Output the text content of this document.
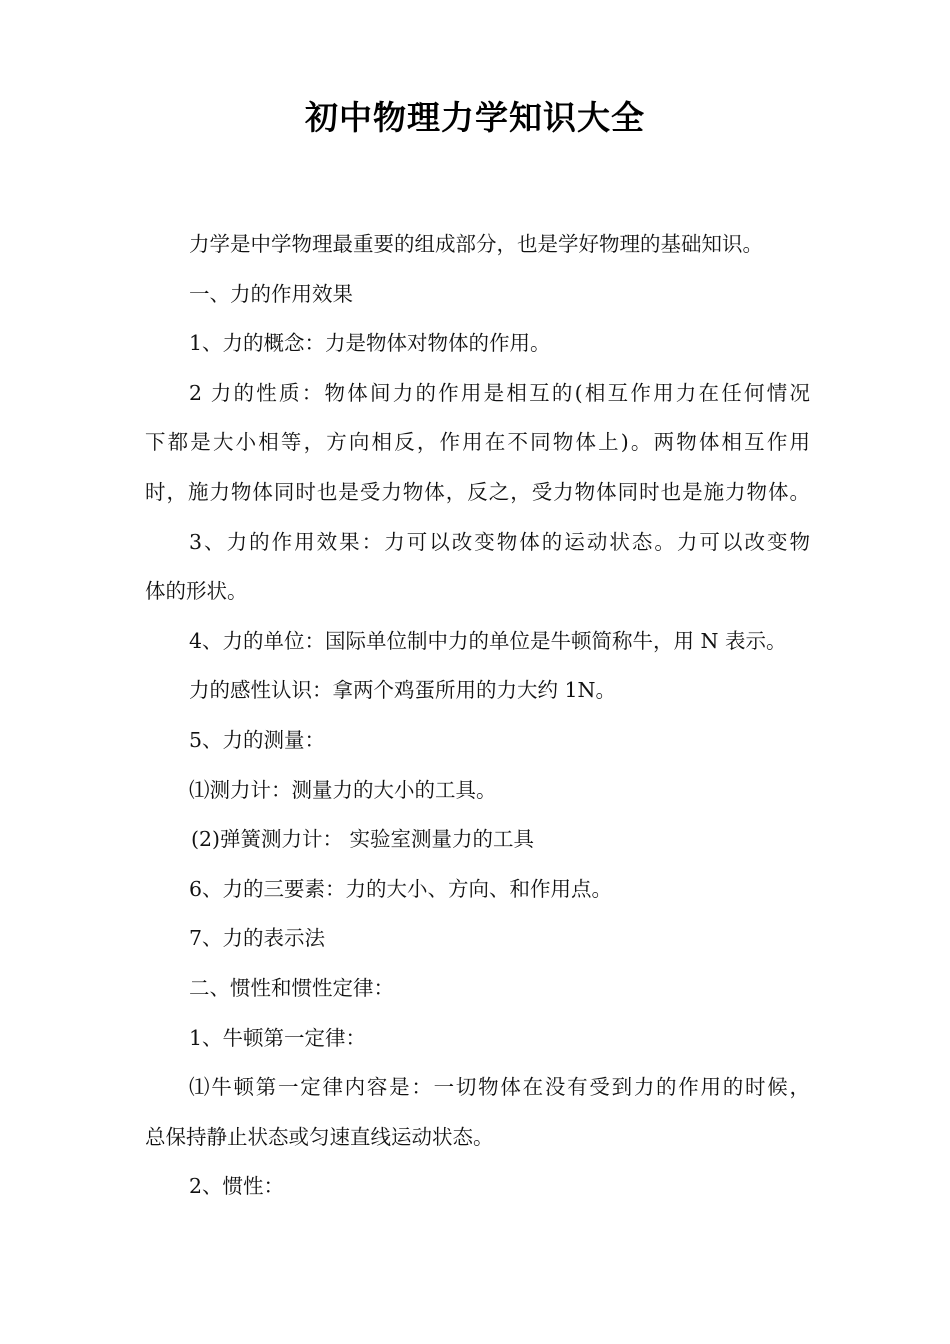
初中物理力学知识大全
力学是中学物理最重要的组成部分，也是学好物理的基础知识。
一、力的作用效果
1、力的概念：力是物体对物体的作用。
2 力的性质：物体间力的作用是相互的(相互作用力在任何情况
下都是大小相等，方向相反，作用在不同物体上)。两物体相互作用
时，施力物体同时也是受力物体，反之，受力物体同时也是施力物体。
3、力的作用效果：力可以改变物体的运动状态。力可以改变物
体的形状。
4、力的单位：国际单位制中力的单位是牛顿简称牛，用 N 表示。
力的感性认识：拿两个鸡蛋所用的力大约 1N。
5、力的测量：
⑴测力计：测量力的大小的工具。
(2)弹簧测力计： 实验室测量力的工具
6、力的三要素：力的大小、方向、和作用点。
7、力的表示法
二、惯性和惯性定律：
1、牛顿第一定律：
⑴牛顿第一定律内容是：一切物体在没有受到力的作用的时候，
总保持静止状态或匀速直线运动状态。
2、惯性：
